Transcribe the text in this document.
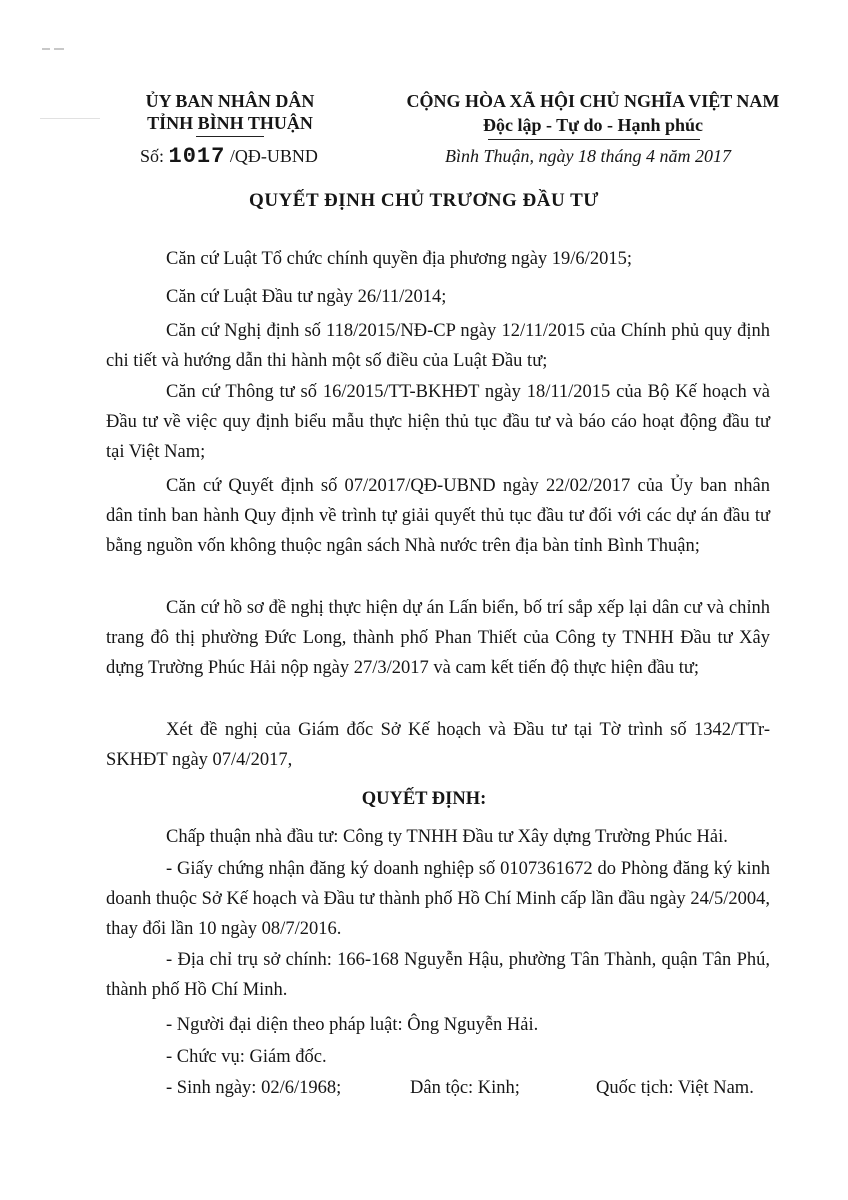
ỦY BAN NHÂN DÂN
TỈNH BÌNH THUẬN
Số: 1017 /QĐ-UBND
CỘNG HÒA XÃ HỘI CHỦ NGHĨA VIỆT NAM
Độc lập - Tự do - Hạnh phúc
Bình Thuận, ngày 18 tháng 4 năm 2017
QUYẾT ĐỊNH CHỦ TRƯƠNG ĐẦU TƯ
Căn cứ Luật Tổ chức chính quyền địa phương ngày 19/6/2015;
Căn cứ Luật Đầu tư ngày 26/11/2014;
Căn cứ Nghị định số 118/2015/NĐ-CP ngày 12/11/2015 của Chính phủ quy định chi tiết và hướng dẫn thi hành một số điều của Luật Đầu tư;
Căn cứ Thông tư số 16/2015/TT-BKHĐT ngày 18/11/2015 của Bộ Kế hoạch và Đầu tư về việc quy định biểu mẫu thực hiện thủ tục đầu tư và báo cáo hoạt động đầu tư tại Việt Nam;
Căn cứ Quyết định số 07/2017/QĐ-UBND ngày 22/02/2017 của Ủy ban nhân dân tỉnh ban hành Quy định về trình tự giải quyết thủ tục đầu tư đối với các dự án đầu tư bằng nguồn vốn không thuộc ngân sách Nhà nước trên địa bàn tỉnh Bình Thuận;
Căn cứ hồ sơ đề nghị thực hiện dự án Lấn biển, bố trí sắp xếp lại dân cư và chỉnh trang đô thị phường Đức Long, thành phố Phan Thiết của Công ty TNHH Đầu tư Xây dựng Trường Phúc Hải nộp ngày 27/3/2017 và cam kết tiến độ thực hiện đầu tư;
Xét đề nghị của Giám đốc Sở Kế hoạch và Đầu tư tại Tờ trình số 1342/TTr-SKHĐT ngày 07/4/2017,
QUYẾT ĐỊNH:
Chấp thuận nhà đầu tư: Công ty TNHH Đầu tư Xây dựng Trường Phúc Hải.
- Giấy chứng nhận đăng ký doanh nghiệp số 0107361672 do Phòng đăng ký kinh doanh thuộc Sở Kế hoạch và Đầu tư thành phố Hồ Chí Minh cấp lần đầu ngày 24/5/2004, thay đổi lần 10 ngày 08/7/2016.
- Địa chỉ trụ sở chính: 166-168 Nguyễn Hậu, phường Tân Thành, quận Tân Phú, thành phố Hồ Chí Minh.
- Người đại diện theo pháp luật: Ông Nguyễn Hải.
- Chức vụ: Giám đốc.
- Sinh ngày: 02/6/1968;	Dân tộc: Kinh;	Quốc tịch: Việt Nam.
